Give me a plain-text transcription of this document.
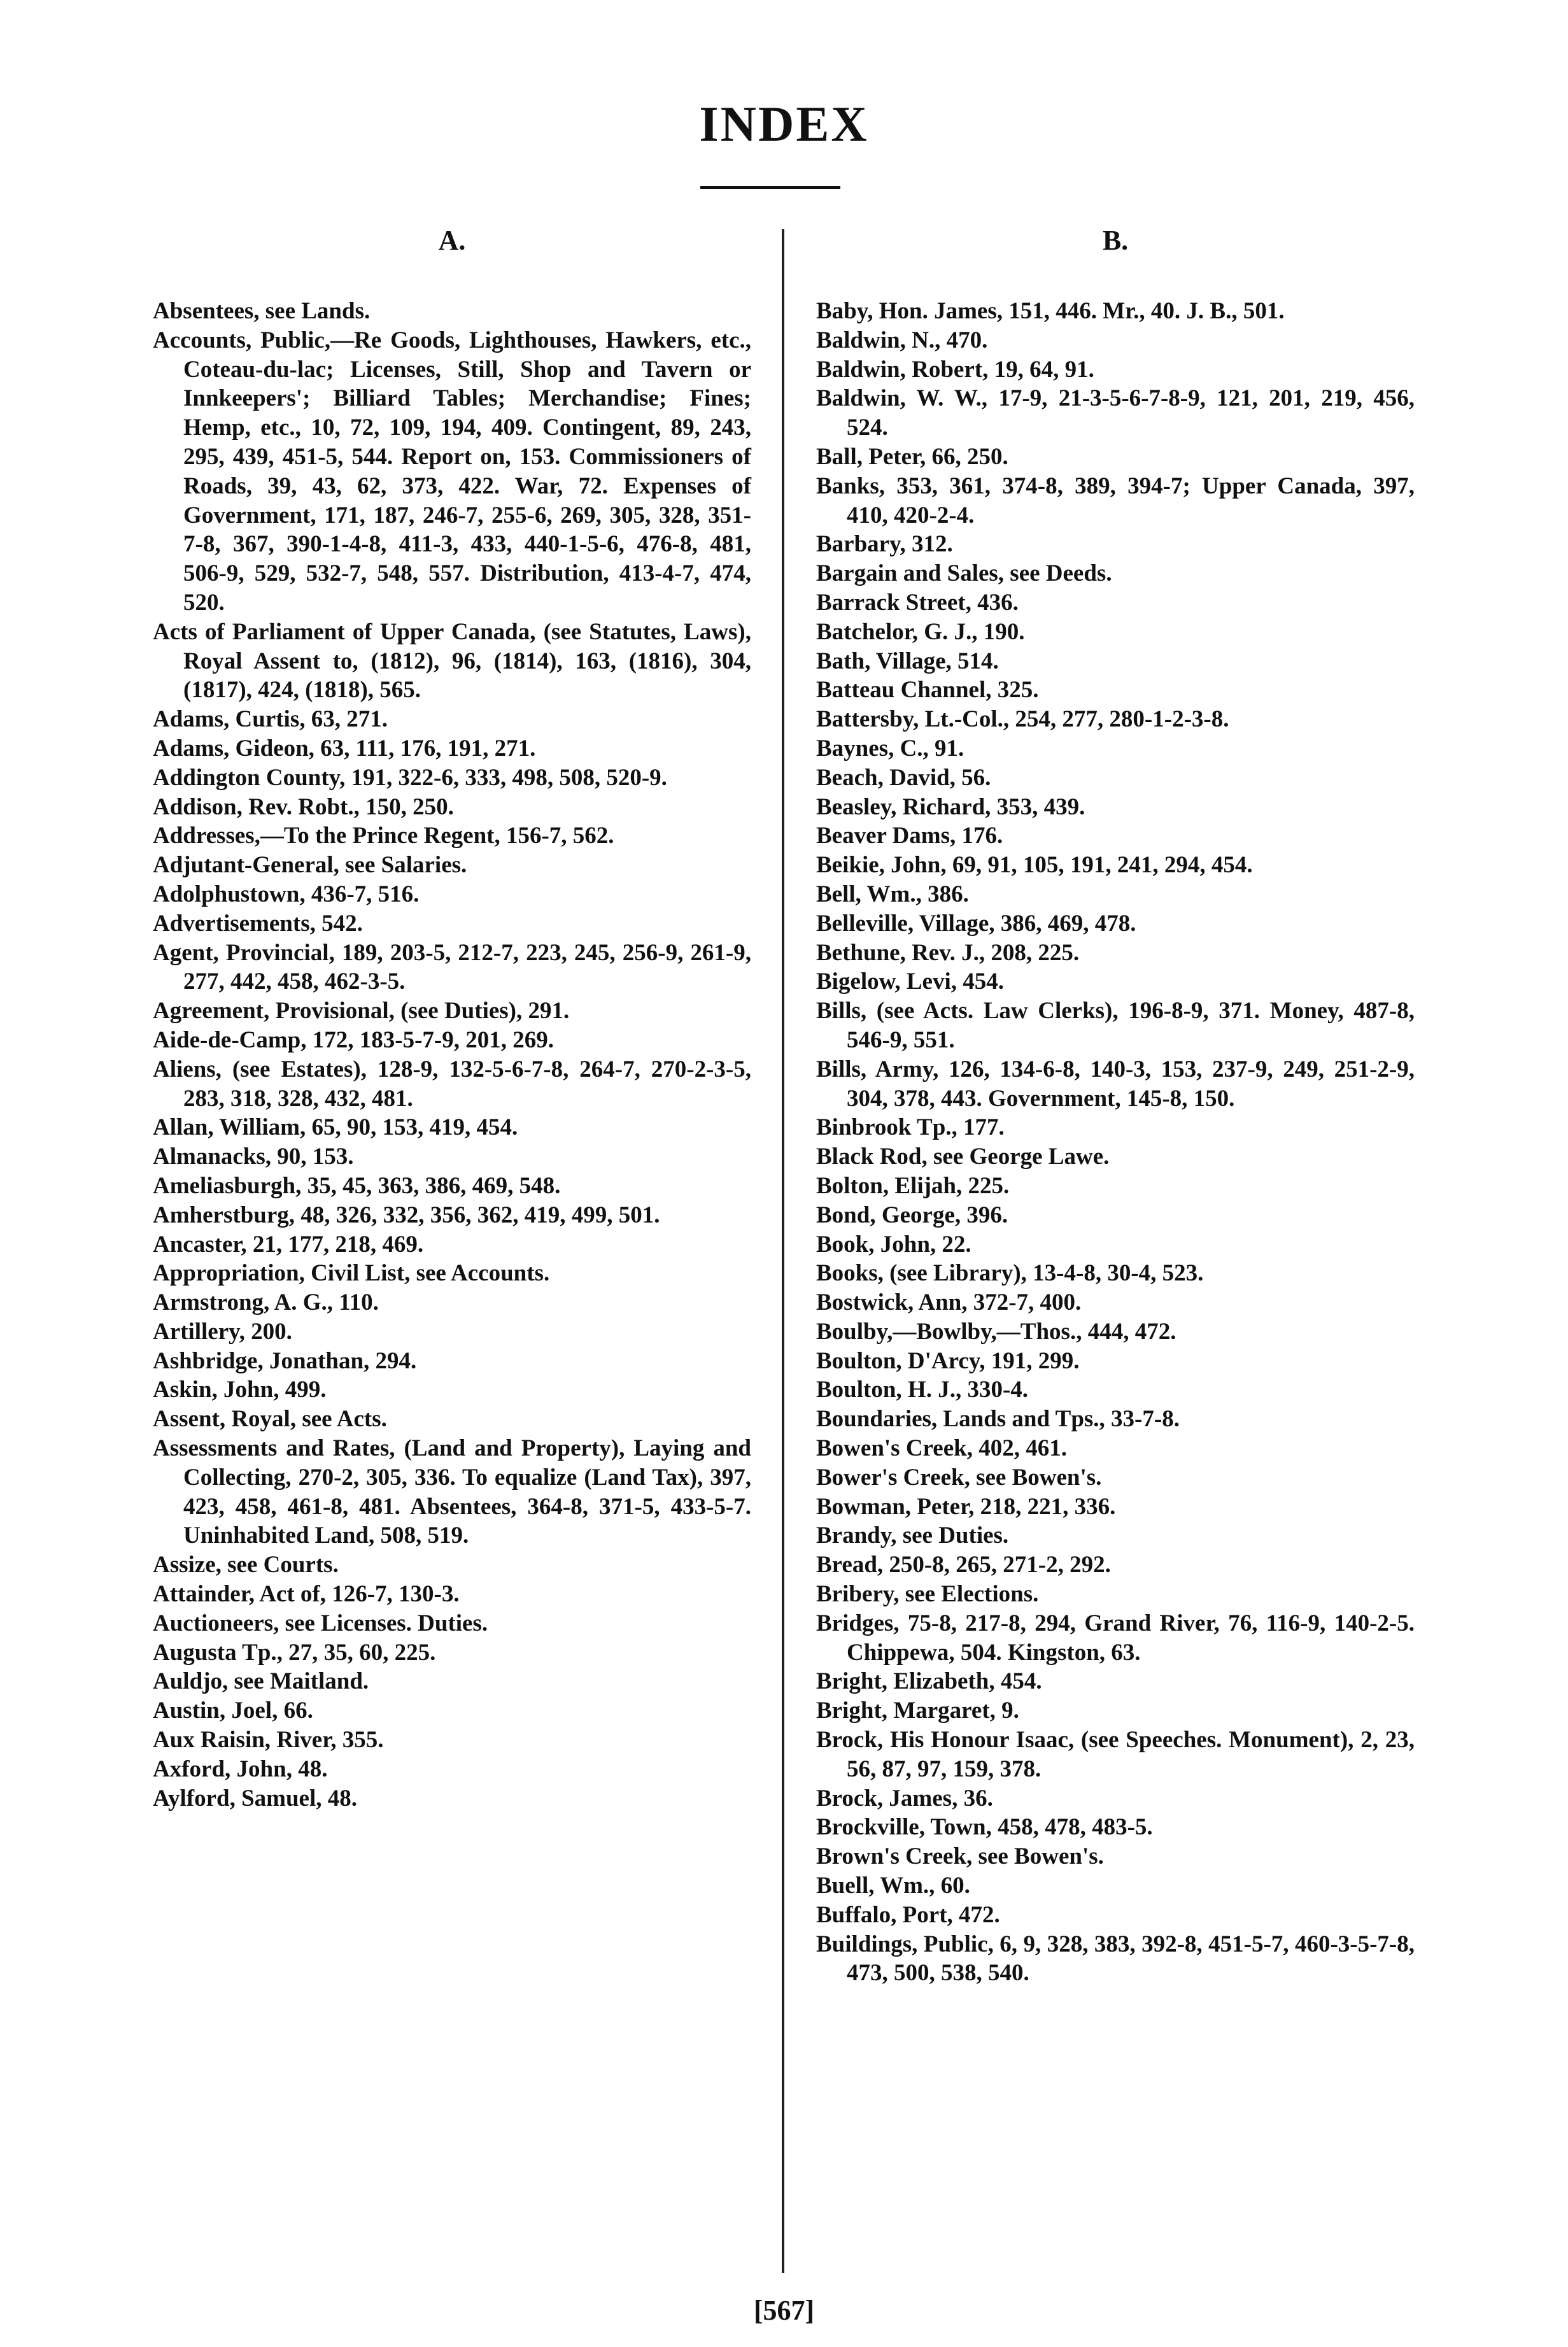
INDEX
A.
Absentees, see Lands.
Accounts, Public,—Re Goods, Lighthouses, Hawkers, etc., Coteau-du-lac; Licenses, Still, Shop and Tavern or Innkeepers'; Billiard Tables; Merchandise; Fines; Hemp, etc., 10, 72, 109, 194, 409. Contingent, 89, 243, 295, 439, 451-5, 544. Report on, 153. Commissioners of Roads, 39, 43, 62, 373, 422. War, 72. Expenses of Government, 171, 187, 246-7, 255-6, 269, 305, 328, 351-7-8, 367, 390-1-4-8, 411-3, 433, 440-1-5-6, 476-8, 481, 506-9, 529, 532-7, 548, 557. Distribution, 413-4-7, 474, 520.
Acts of Parliament of Upper Canada, (see Statutes, Laws), Royal Assent to, (1812), 96, (1814), 163, (1816), 304, (1817), 424, (1818), 565.
Adams, Curtis, 63, 271.
Adams, Gideon, 63, 111, 176, 191, 271.
Addington County, 191, 322-6, 333, 498, 508, 520-9.
Addison, Rev. Robt., 150, 250.
Addresses,—To the Prince Regent, 156-7, 562.
Adjutant-General, see Salaries.
Adolphustown, 436-7, 516.
Advertisements, 542.
Agent, Provincial, 189, 203-5, 212-7, 223, 245, 256-9, 261-9, 277, 442, 458, 462-3-5.
Agreement, Provisional, (see Duties), 291.
Aide-de-Camp, 172, 183-5-7-9, 201, 269.
Aliens, (see Estates), 128-9, 132-5-6-7-8, 264-7, 270-2-3-5, 283, 318, 328, 432, 481.
Allan, William, 65, 90, 153, 419, 454.
Almanacks, 90, 153.
Ameliasburgh, 35, 45, 363, 386, 469, 548.
Amherstburg, 48, 326, 332, 356, 362, 419, 499, 501.
Ancaster, 21, 177, 218, 469.
Appropriation, Civil List, see Accounts.
Armstrong, A. G., 110.
Artillery, 200.
Ashbridge, Jonathan, 294.
Askin, John, 499.
Assent, Royal, see Acts.
Assessments and Rates, (Land and Property), Laying and Collecting, 270-2, 305, 336. To equalize (Land Tax), 397, 423, 458, 461-8, 481. Absentees, 364-8, 371-5, 433-5-7. Uninhabited Land, 508, 519.
Assize, see Courts.
Attainder, Act of, 126-7, 130-3.
Auctioneers, see Licenses. Duties.
Augusta Tp., 27, 35, 60, 225.
Auldjo, see Maitland.
Austin, Joel, 66.
Aux Raisin, River, 355.
Axford, John, 48.
Aylford, Samuel, 48.
B.
Baby, Hon. James, 151, 446. Mr., 40. J. B., 501.
Baldwin, N., 470.
Baldwin, Robert, 19, 64, 91.
Baldwin, W. W., 17-9, 21-3-5-6-7-8-9, 121, 201, 219, 456, 524.
Ball, Peter, 66, 250.
Banks, 353, 361, 374-8, 389, 394-7; Upper Canada, 397, 410, 420-2-4.
Barbary, 312.
Bargain and Sales, see Deeds.
Barrack Street, 436.
Batchelor, G. J., 190.
Bath, Village, 514.
Batteau Channel, 325.
Battersby, Lt.-Col., 254, 277, 280-1-2-3-8.
Baynes, C., 91.
Beach, David, 56.
Beasley, Richard, 353, 439.
Beaver Dams, 176.
Beikie, John, 69, 91, 105, 191, 241, 294, 454.
Bell, Wm., 386.
Belleville, Village, 386, 469, 478.
Bethune, Rev. J., 208, 225.
Bigelow, Levi, 454.
Bills, (see Acts. Law Clerks), 196-8-9, 371. Money, 487-8, 546-9, 551.
Bills, Army, 126, 134-6-8, 140-3, 153, 237-9, 249, 251-2-9, 304, 378, 443. Government, 145-8, 150.
Binbrook Tp., 177.
Black Rod, see George Lawe.
Bolton, Elijah, 225.
Bond, George, 396.
Book, John, 22.
Books, (see Library), 13-4-8, 30-4, 523.
Bostwick, Ann, 372-7, 400.
Boulby,—Bowlby,—Thos., 444, 472.
Boulton, D'Arcy, 191, 299.
Boulton, H. J., 330-4.
Boundaries, Lands and Tps., 33-7-8.
Bowen's Creek, 402, 461.
Bower's Creek, see Bowen's.
Bowman, Peter, 218, 221, 336.
Brandy, see Duties.
Bread, 250-8, 265, 271-2, 292.
Bribery, see Elections.
Bridges, 75-8, 217-8, 294, Grand River, 76, 116-9, 140-2-5. Chippewa, 504. Kingston, 63.
Bright, Elizabeth, 454.
Bright, Margaret, 9.
Brock, His Honour Isaac, (see Speeches. Monument), 2, 23, 56, 87, 97, 159, 378.
Brock, James, 36.
Brockville, Town, 458, 478, 483-5.
Brown's Creek, see Bowen's.
Buell, Wm., 60.
Buffalo, Port, 472.
Buildings, Public, 6, 9, 328, 383, 392-8, 451-5-7, 460-3-5-7-8, 473, 500, 538, 540.
[567]
